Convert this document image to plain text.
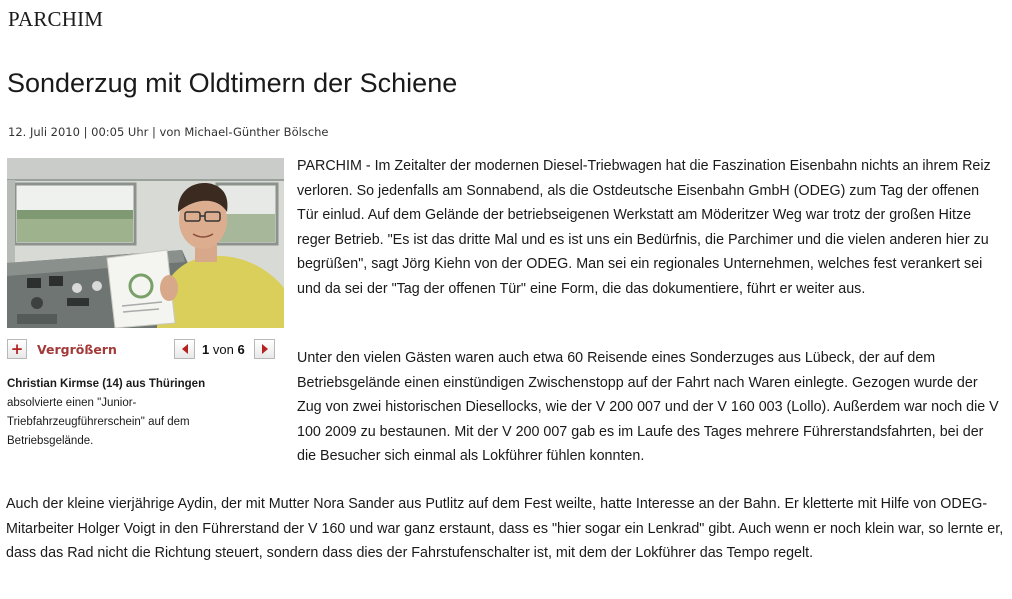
PARCHIM
Sonderzug mit Oldtimern der Schiene
12. Juli 2010 | 00:05 Uhr | von Michael-Günther Bölsche
+ Vergrößern	1 von 6
Christian Kirmse (14) aus Thüringen
absolvierte einen "Junior-Triebfahrzeugführerschein" auf dem Betriebsgelände.

PARCHIM - Im Zeitalter der modernen Diesel-Triebwagen hat die Faszination Eisenbahn nichts an ihrem Reiz verloren. So jedenfalls am Sonnabend, als die Ostdeutsche Eisenbahn GmbH (ODEG) zum Tag der offenen Tür einlud. Auf dem Gelände der betriebseigenen Werkstatt am Möderitzer Weg war trotz der großen Hitze reger Betrieb. "Es ist das dritte Mal und es ist uns ein Bedürfnis, die Parchimer und die vielen anderen hier zu begrüßen", sagt Jörg Kiehn von der ODEG. Man sei ein regionales Unternehmen, welches fest verankert sei und da sei der "Tag der offenen Tür" eine Form, die das dokumentiere, führt er weiter aus.

Unter den vielen Gästen waren auch etwa 60 Reisende eines Sonderzuges aus Lübeck, der auf dem Betriebsgelände einen einstündigen Zwischenstopp auf der Fahrt nach Waren einlegte. Gezogen wurde der Zug von zwei historischen Diesellocks, wie der V 200 007 und der V 160 003 (Lollo). Außerdem war noch die V 100 2009 zu bestaunen. Mit der V 200 007 gab es im Laufe des Tages mehrere Führerstandsfahrten, bei der die Besucher sich einmal als Lokführer fühlen konnten.

Auch der kleine vierjährige Aydin, der mit Mutter Nora Sander aus Putlitz auf dem Fest weilte, hatte Interesse an der Bahn. Er kletterte mit Hilfe von ODEG-Mitarbeiter Holger Voigt in den Führerstand der V 160 und war ganz erstaunt, dass es "hier sogar ein Lenkrad" gibt. Auch wenn er noch klein war, so lernte er, dass das Rad nicht die Richtung steuert, sondern dass dies der Fahrstufenschalter ist, mit dem der Lokführer das Tempo regelt.
